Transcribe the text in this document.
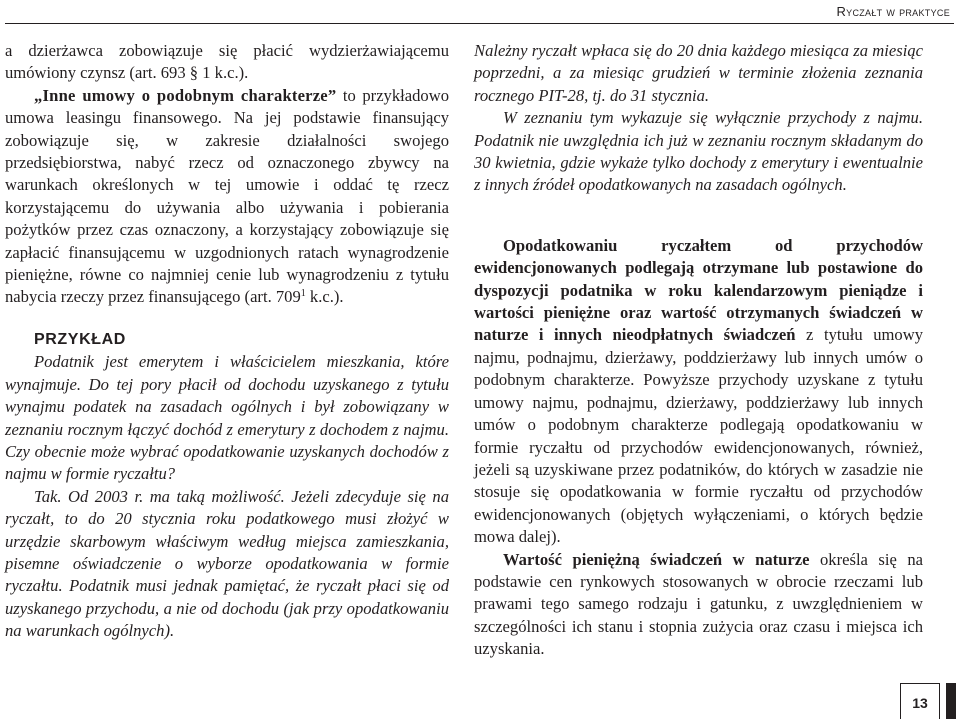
Ryczałt w praktyce

a dzierżawca zobowiązuje się płacić wydzierżawiającemu umówiony czynsz (art. 693 § 1 k.c.).

„Inne umowy o podobnym charakterze” to przykładowo umowa leasingu finansowego. Na jej podstawie finansujący zobowiązuje się, w zakresie działalności swojego przedsiębiorstwa, nabyć rzecz od oznaczonego zbywcy na warunkach określonych w tej umowie i oddać tę rzecz korzystającemu do używania albo używania i pobierania pożytków przez czas oznaczony, a korzystający zobowiązuje się zapłacić finansującemu w uzgodnionych ratach wynagrodzenie pieniężne, równe co najmniej cenie lub wynagrodzeniu z tytułu nabycia rzeczy przez finansującego (art. $709^1$ k.c.).

PRZYKŁAD

Podatnik jest emerytem i właścicielem mieszkania, które wynajmuje. Do tej pory płacił od dochodu uzyskanego z tytułu wynajmu podatek na zasadach ogólnych i był zobowiązany w zeznaniu rocznym łączyć dochód z emerytury z dochodem z najmu. Czy obecnie może wybrać opodatkowanie uzyskanych dochodów z najmu w formie ryczałtu?

Tak. Od 2003 r. ma taką możliwość. Jeżeli zdecyduje się na ryczałt, to do 20 stycznia roku podatkowego musi złożyć w urzędzie skarbowym właściwym według miejsca zamieszkania, pisemne oświadczenie o wyborze opodatkowania w formie ryczałtu. Podatnik musi jednak pamiętać, że ryczałt płaci się od uzyskanego przychodu, a nie od dochodu (jak przy opodatkowaniu na warunkach ogólnych).

Należny ryczałt wpłaca się do 20 dnia każdego miesiąca za miesiąc poprzedni, a za miesiąc grudzień w terminie złożenia zeznania rocznego PIT-28, tj. do 31 stycznia.

W zeznaniu tym wykazuje się wyłącznie przychody z najmu. Podatnik nie uwzględnia ich już w zeznaniu rocznym składanym do 30 kwietnia, gdzie wykaże tylko dochody z emerytury i ewentualnie z innych źródeł opodatkowanych na zasadach ogólnych.

Opodatkowaniu ryczałtem od przychodów ewidencjonowanych podlegają otrzymane lub postawione do dyspozycji podatnika w roku kalendarzowym pieniądze i wartości pieniężne oraz wartość otrzymanych świadczeń w naturze i innych nieodpłatnych świadczeń z tytułu umowy najmu, podnajmu, dzierżawy, poddzierżawy lub innych umów o podobnym charakterze. Powyższe przychody uzyskane z tytułu umowy najmu, podnajmu, dzierżawy, poddzierżawy lub innych umów o podobnym charakterze podlegają opodatkowaniu w formie ryczałtu od przychodów ewidencjonowanych, również, jeżeli są uzyskiwane przez podatników, do których w zasadzie nie stosuje się opodatkowania w formie ryczałtu od przychodów ewidencjonowanych (objętych wyłączeniami, o których będzie mowa dalej).

Wartość pieniężną świadczeń w naturze określa się na podstawie cen rynkowych stosowanych w obrocie rzeczami lub prawami tego samego rodzaju i gatunku, z uwzględnieniem w szczególności ich stanu i stopnia zużycia oraz czasu i miejsca ich uzyskania.

13
